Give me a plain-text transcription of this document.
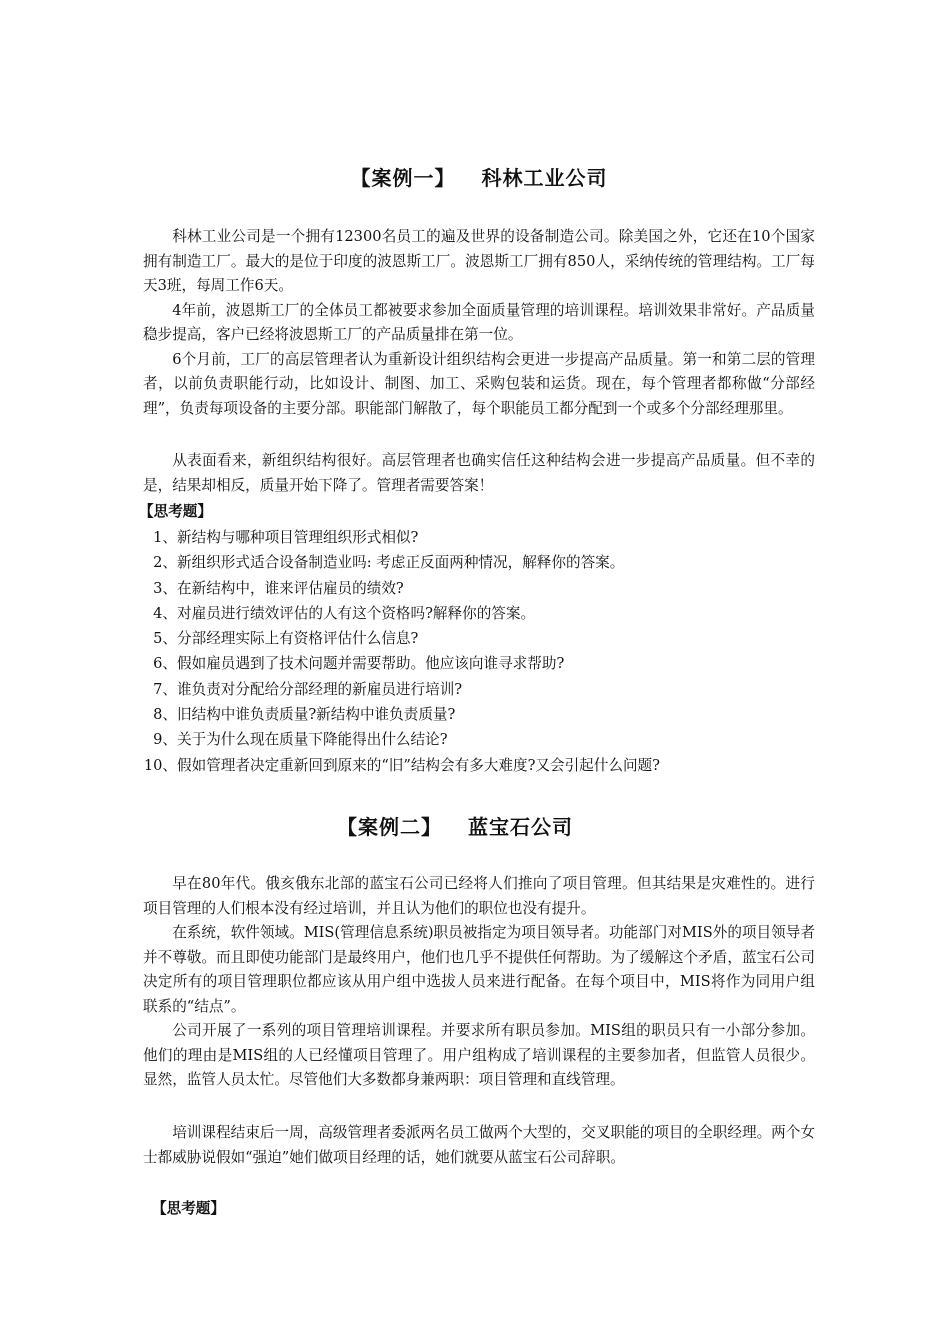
【案例一】 科林工业公司

科林工业公司是一个拥有12300名员工的遍及世界的设备制造公司。除美国之外，它还在10个国家拥有制造工厂。最大的是位于印度的波恩斯工厂。波恩斯工厂拥有850人，采纳传统的管理结构。工厂每天3班，每周工作6天。

4年前，波恩斯工厂的全体员工都被要求参加全面质量管理的培训课程。培训效果非常好。产品质量稳步提高，客户已经将波恩斯工厂的产品质量排在第一位。

6个月前，工厂的高层管理者认为重新设计组织结构会更进一步提高产品质量。第一和第二层的管理者，以前负责职能行动，比如设计、制图、加工、采购包装和运货。现在，每个管理者都称做“分部经理”，负责每项设备的主要分部。职能部门解散了，每个职能员工都分配到一个或多个分部经理那里。

从表面看来，新组织结构很好。高层管理者也确实信任这种结构会进一步提高产品质量。但不幸的是，结果却相反，质量开始下降了。管理者需要答案！

【思考题】
1、新结构与哪种项目管理组织形式相似?
2、新组织形式适合设备制造业吗: 考虑正反面两种情况，解释你的答案。
3、在新结构中，谁来评估雇员的绩效?
4、对雇员进行绩效评估的人有这个资格吗?解释你的答案。
5、分部经理实际上有资格评估什么信息?
6、假如雇员遇到了技术问题并需要帮助。他应该向谁寻求帮助?
7、谁负责对分配给分部经理的新雇员进行培训?
8、旧结构中谁负责质量?新结构中谁负责质量?
9、关于为什么现在质量下降能得出什么结论?
10、假如管理者决定重新回到原来的“旧”结构会有多大难度?又会引起什么问题?
【案例二】 蓝宝石公司

早在80年代。俄亥俄东北部的蓝宝石公司已经将人们推向了项目管理。但其结果是灾难性的。进行项目管理的人们根本没有经过培训，并且认为他们的职位也没有提升。

在系统，软件领域。MIS(管理信息系统)职员被指定为项目领导者。功能部门对MIS外的项目领导者并不尊敬。而且即使功能部门是最终用户，他们也几乎不提供任何帮助。为了缓解这个矛盾，蓝宝石公司决定所有的项目管理职位都应该从用户组中选拔人员来进行配备。在每个项目中，MIS将作为同用户组联系的“结点”。

公司开展了一系列的项目管理培训课程。并要求所有职员参加。MIS组的职员只有一小部分参加。他们的理由是MIS组的人已经懂项目管理了。用户组构成了培训课程的主要参加者，但监管人员很少。显然，监管人员太忙。尽管他们大多数都身兼两职：项目管理和直线管理。

培训课程结束后一周，高级管理者委派两名员工做两个大型的，交叉职能的项目的全职经理。两个女士都威胁说假如“强迫”她们做项目经理的话，她们就要从蓝宝石公司辞职。

【思考题】
